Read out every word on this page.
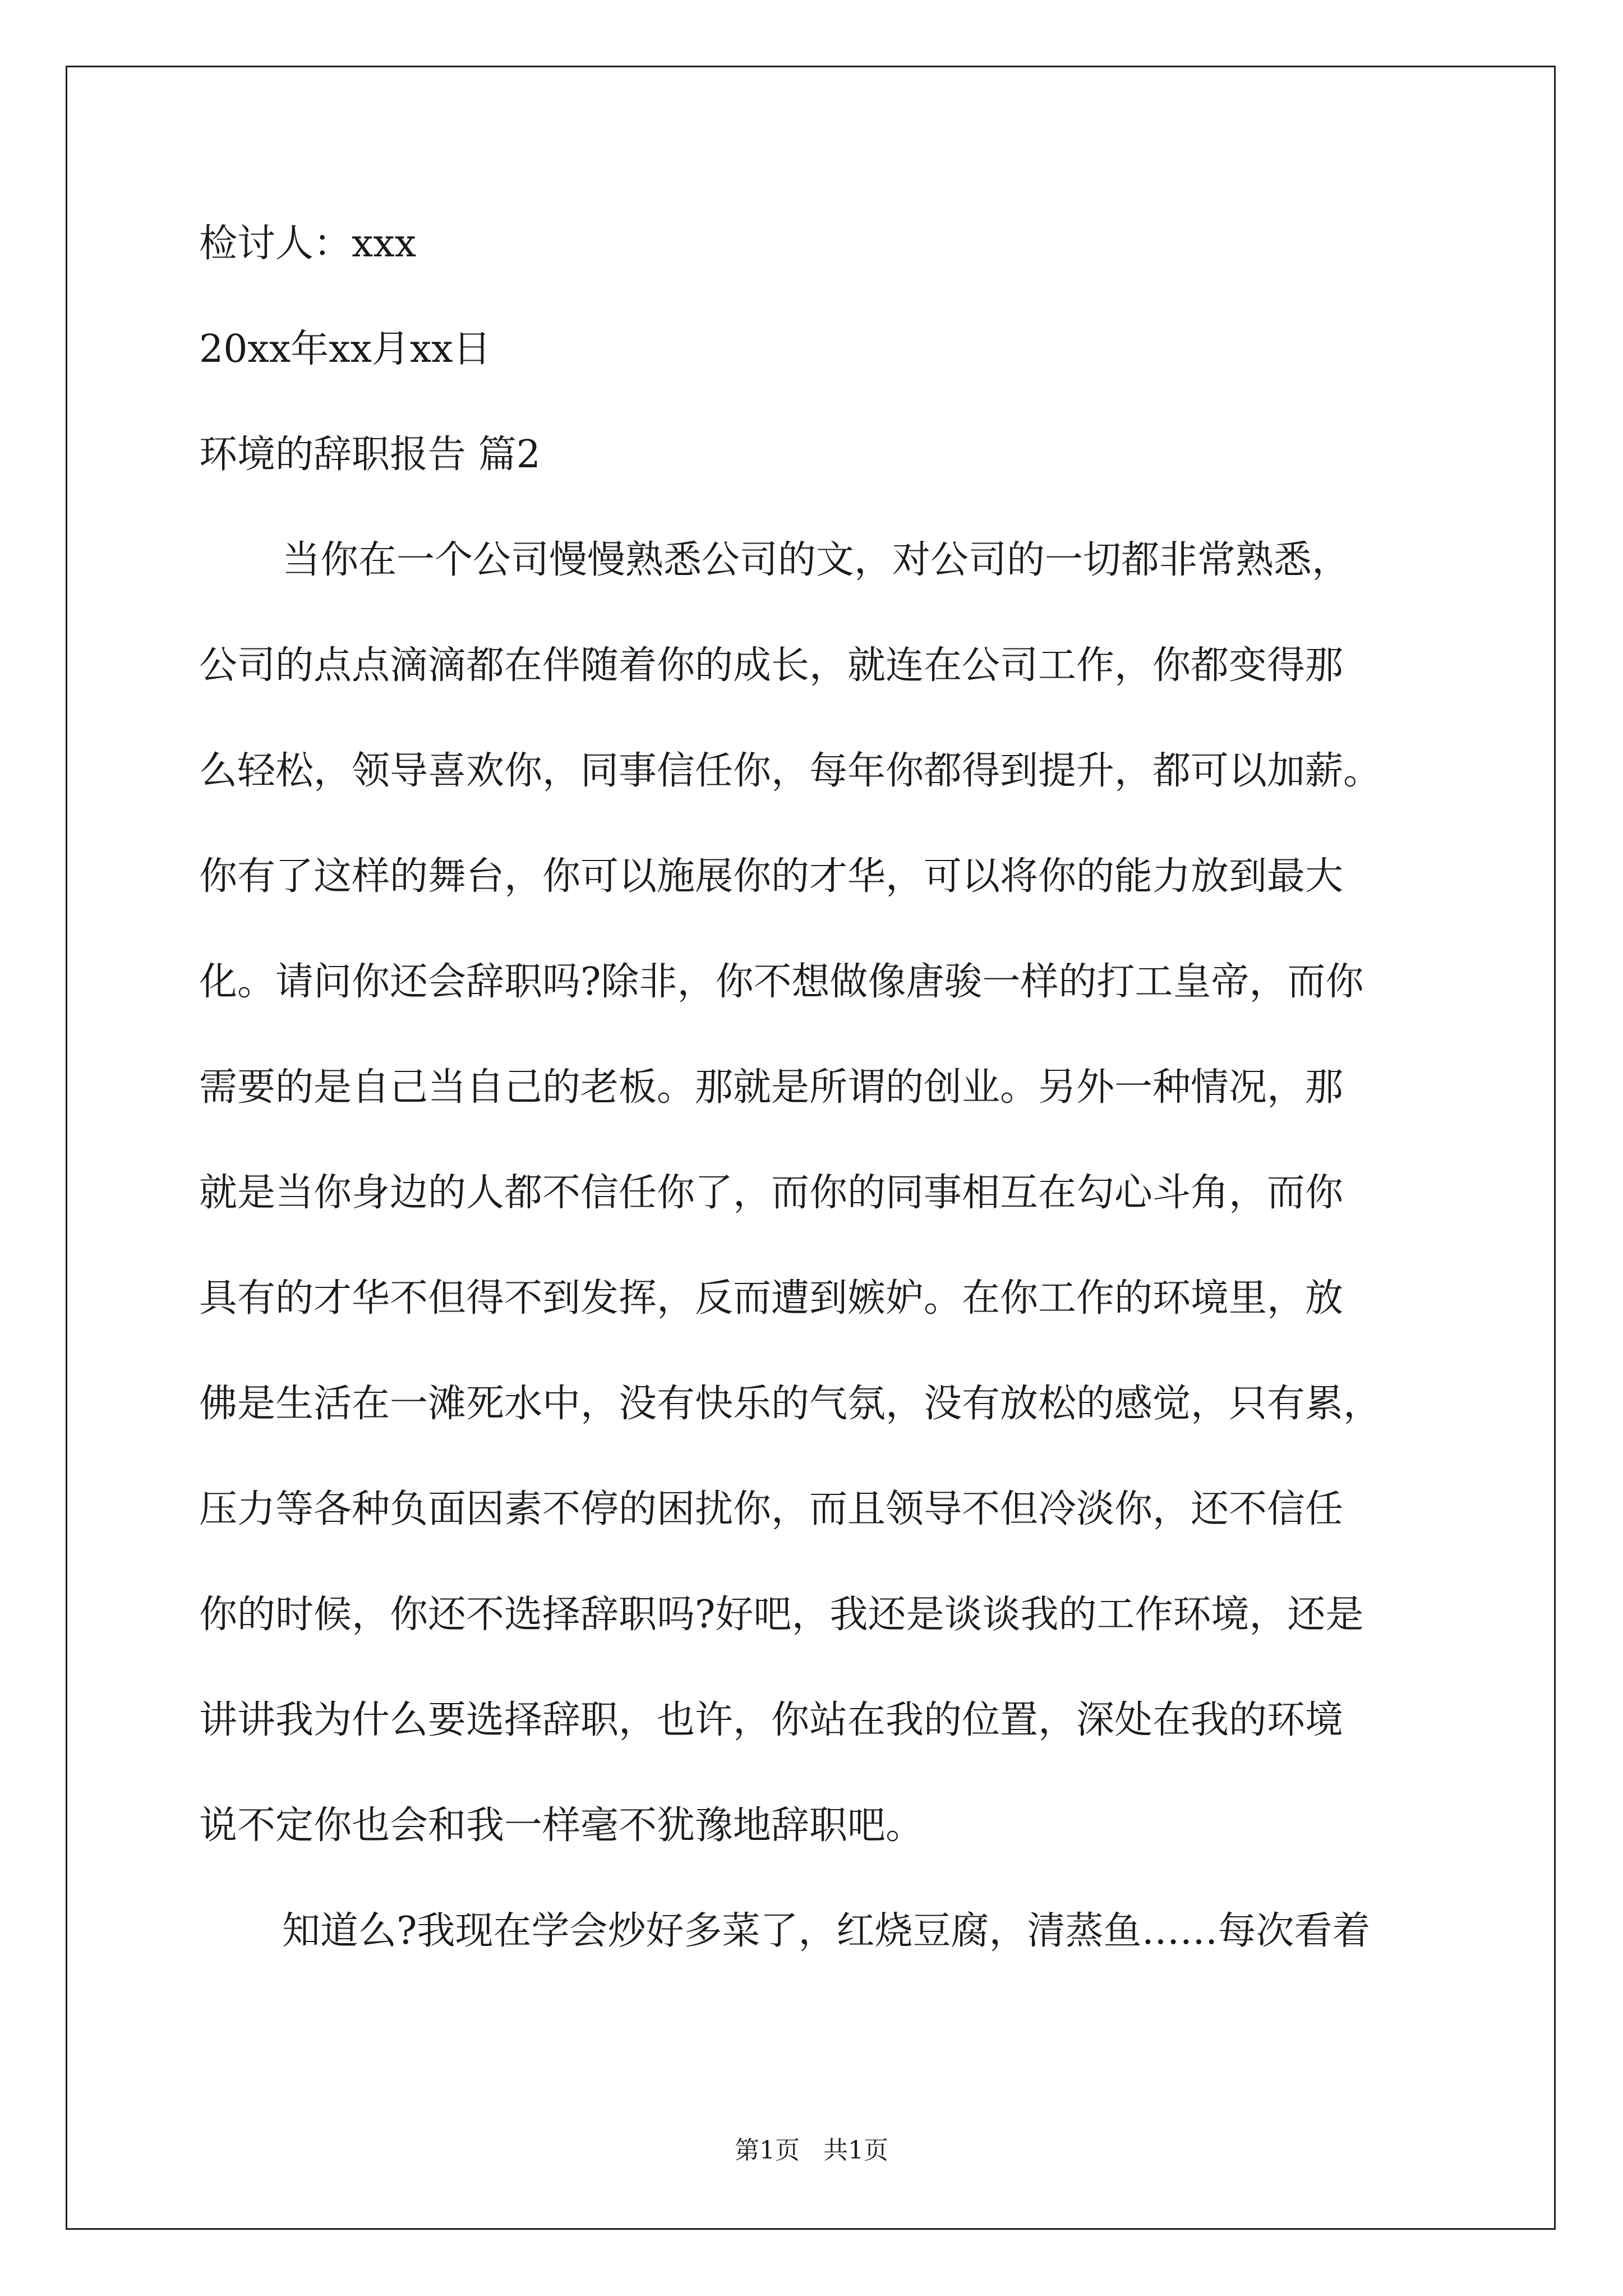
检讨人：xxx

20xx年xx月xx日

环境的辞职报告 篇2

当你在一个公司慢慢熟悉公司的文，对公司的一切都非常熟悉，

公司的点点滴滴都在伴随着你的成长，就连在公司工作，你都变得那

么轻松，领导喜欢你，同事信任你，每年你都得到提升，都可以加薪。

你有了这样的舞台，你可以施展你的才华，可以将你的能力放到最大

化。请问你还会辞职吗?除非，你不想做像唐骏一样的打工皇帝，而你

需要的是自己当自己的老板。那就是所谓的创业。另外一种情况，那

就是当你身边的人都不信任你了，而你的同事相互在勾心斗角，而你

具有的才华不但得不到发挥，反而遭到嫉妒。在你工作的环境里，放

佛是生活在一滩死水中，没有快乐的气氛，没有放松的感觉，只有累，

压力等各种负面因素不停的困扰你，而且领导不但冷淡你，还不信任

你的时候，你还不选择辞职吗?好吧，我还是谈谈我的工作环境，还是

讲讲我为什么要选择辞职，也许，你站在我的位置，深处在我的环境

说不定你也会和我一样毫不犹豫地辞职吧。

知道么?我现在学会炒好多菜了，红烧豆腐，清蒸鱼……每次看着

第1页   共1页
